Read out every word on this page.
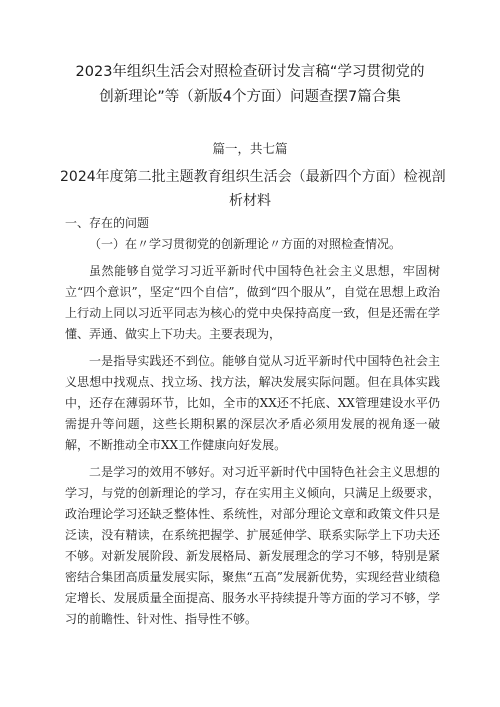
2023年组织生活会对照检查研讨发言稿“学习贯彻党的
创新理论”等（新版4个方面）问题查摆7篇合集
篇一，共七篇
2024年度第二批主题教育组织生活会（最新四个方面）检视剖
析材料

一、存在的问题

（一）在〃学习贯彻党的创新理论〃方面的对照检查情况。

虽然能够自觉学习习近平新时代中国特色社会主义思想，牢固树立“四个意识”，坚定“四个自信”，做到“四个服从”，自觉在思想上政治上行动上同以习近平同志为核心的党中央保持高度一致，但是还需在学懂、弄通、做实上下功夫。主要表现为，

一是指导实践还不到位。能够自觉从习近平新时代中国特色社会主义思想中找观点、找立场、找方法，解决发展实际问题。但在具体实践中，还存在薄弱环节，比如，全市的XX还不托底、XX管理建设水平仍需提升等问题，这些长期积累的深层次矛盾必须用发展的视角逐一破解，不断推动全市XX工作健康向好发展。

二是学习的效用不够好。对习近平新时代中国特色社会主义思想的学习，与党的创新理论的学习，存在实用主义倾向，只满足上级要求，政治理论学习还缺乏整体性、系统性，对部分理论文章和政策文件只是泛读，没有精读，在系统把握学、扩展延伸学、联系实际学上下功夫还不够。对新发展阶段、新发展格局、新发展理念的学习不够，特别是紧密结合集团高质量发展实际，聚焦“五高”发展新优势，实现经营业绩稳定增长、发展质量全面提高、服务水平持续提升等方面的学习不够，学习的前瞻性、针对性、指导性不够。
